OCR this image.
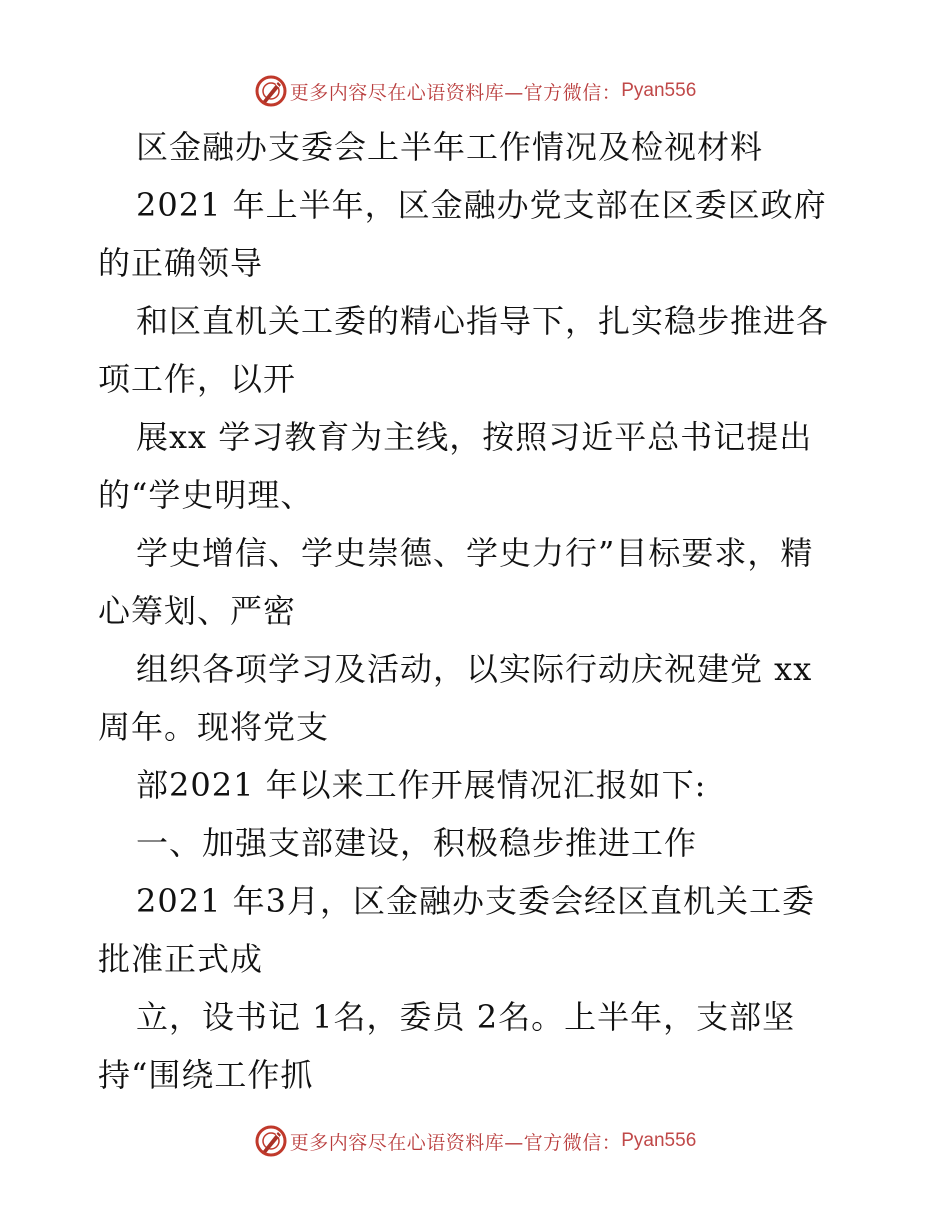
更多内容尽在心语资料库—官方微信： Pyan556
区金融办支委会上半年工作情况及检视材料
2021 年上半年，区金融办党支部在区委区政府
的正确领导
和区直机关工委的精心指导下，扎实稳步推进各
项工作，以开
展xx 学习教育为主线，按照习近平总书记提出
的“学史明理、
学史增信、学史崇德、学史力行”目标要求，精
心筹划、严密
组织各项学习及活动，以实际行动庆祝建党 xx
周年。现将党支
部2021 年以来工作开展情况汇报如下:
一、加强支部建设，积极稳步推进工作
2021 年3月，区金融办支委会经区直机关工委
批准正式成
立，设书记 1名，委员 2名。上半年，支部坚
持“围绕工作抓
更多内容尽在心语资料库—官方微信： Pyan556
